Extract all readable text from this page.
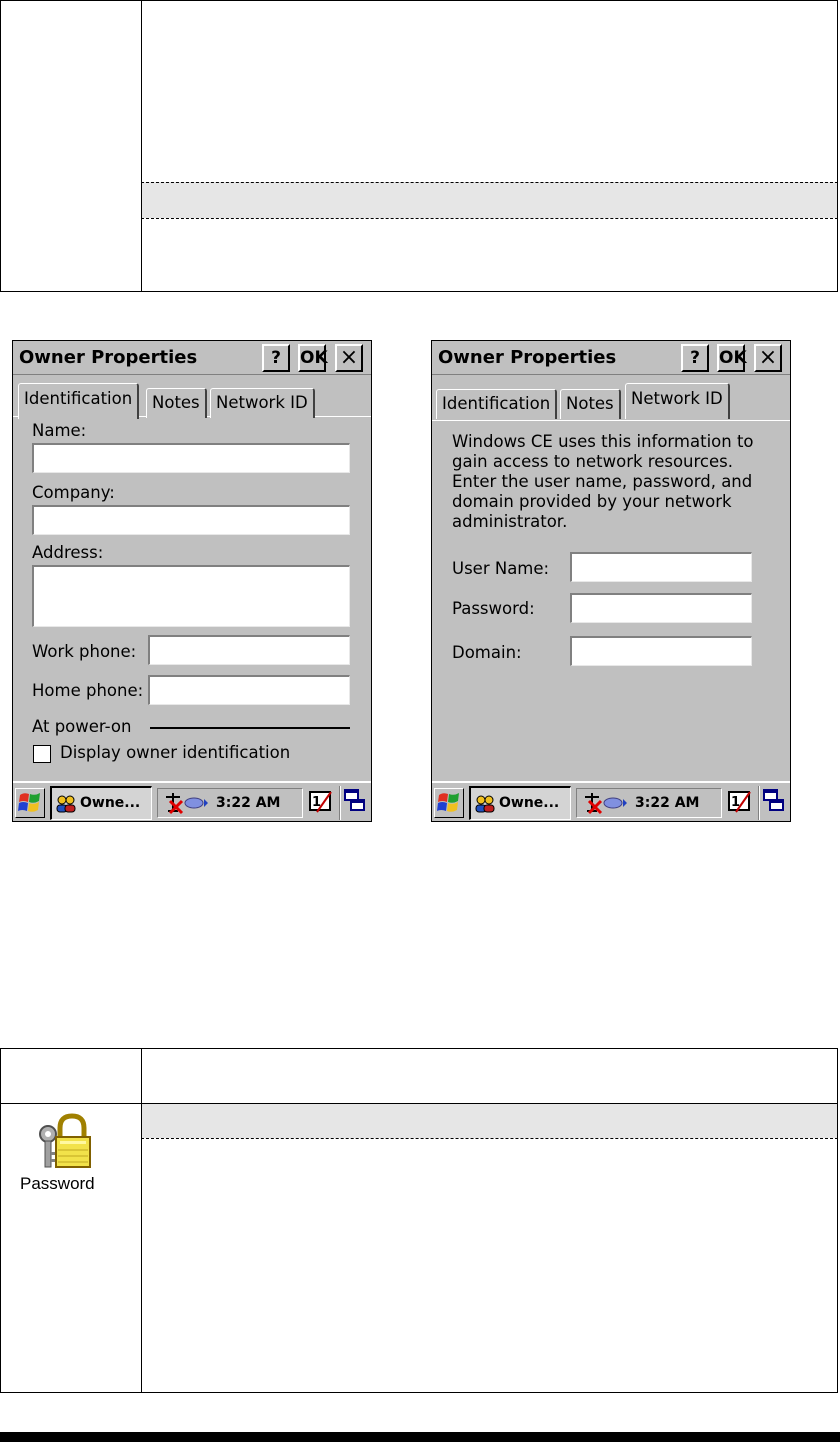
Owner Properties	?	OK ×
Identification	Notes Network ID
Name:
Company:
Address:
Work phone:
Home phone:
At power-on
Display owner identification
Owne...	3:22 AM 1
Owner Properties	?	OK ×
Identification Notes	Network ID
Windows CE uses this information to gain access to network resources. Enter the user name, password, and domain provided by your network administrator.
User Name:
Password:
Domain:
Owne...	3:22 AM 1
Password
